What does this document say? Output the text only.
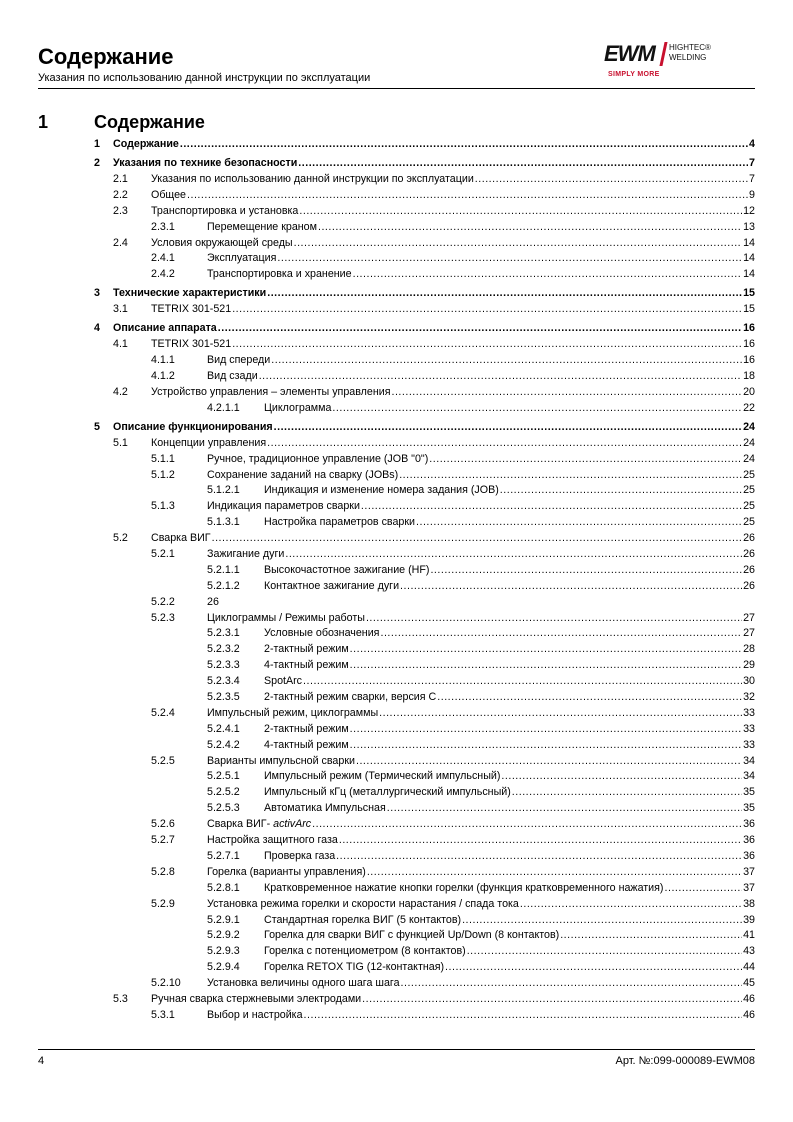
Содержание
Указания по использованию данной инструкции по эксплуатации
EWM HIGHTEC®
WELDING
SIMPLY MORE
1	Содержание
1 Содержание .....	4
2 Указания по технике безопасности .....	7
2.1 Указания по использованию данной инструкции по эксплуатации .....	7
2.2 Общее .....	9
2.3 Транспортировка и установка .....	12
2.3.1	Перемещение краном .....	13
2.4 Условия окружающей среды .....	14
2.4.1	Эксплуатация .....	14
2.4.2	Транспортировка и хранение .....	14
3 Технические характеристики .....	15
3.1 TETRIX 301-521 .....	15
4 Описание аппарата .....	16
4.1 TETRIX 301-521 .....	16
4.1.1	Вид спереди .....	16
4.1.2	Вид сзади .....	18
4.2 Устройство управления – элементы управления .....	20
4.2.1.1 Циклограмма .....	22
5 Описание функционирования .....	24
5.1 Концепции управления .....	24
5.1.1	Ручное, традиционное управление (JOB "0") .....	24
5.1.2	Сохранение заданий на сварку (JOBs) .....	25
5.1.2.1 Индикация и изменение номера задания (JOB) .....	25
5.1.3	Индикация параметров сварки .....	25
5.1.3.1 Настройка параметров сварки .....	25
5.2 Сварка ВИГ .....	26
5.2.1	Зажигание дуги .....	26
5.2.1.1 Высокочастотное зажигание (HF) .....	26
5.2.1.2 Контактное зажигание дуги .....	26
5.2.2	26
5.2.3	Циклограммы / Режимы работы .....	27
5.2.3.1 Условные обозначения .....	27
5.2.3.2 2-тактный режим .....	28
5.2.3.3 4-тактный режим .....	29
5.2.3.4 SpotArc .....	30
5.2.3.5 2-тактный режим сварки, версия C .....	32
5.2.4	Импульсный режим, циклограммы .....	33
5.2.4.1 2-тактный режим .....	33
5.2.4.2 4-тактный режим .....	33
5.2.5	Варианты импульсной сварки .....	34
5.2.5.1 Импульсный режим (Термический импульсный) .....	34
5.2.5.2 Импульсный кГц (металлургический импульсный) .....	35
5.2.5.3 Автоматика Импульсная .....	35
5.2.6	Сварка ВИГ- activArc .....	36
5.2.7	Настройка защитного газа .....	36
5.2.7.1 Проверка газа .....	36
5.2.8	Горелка (варианты управления) .....	37
5.2.8.1 Кратковременное нажатие кнопки горелки (функция кратковременного нажатия) .....	37
5.2.9	Установка режима горелки и скорости нарастания / спада тока .....	38
5.2.9.1 Стандартная горелка ВИГ (5 контактов) .....	39
5.2.9.2 Горелка для сварки ВИГ с функцией Up/Down (8 контактов) .....	41
5.2.9.3 Горелка с потенциометром (8 контактов) .....	43
5.2.9.4 Горелка RETOX TIG (12-контактная) .....	44
5.2.10 Установка величины одного шага шага .....	45
5.3 Ручная сварка стержневыми электродами .....	46
5.3.1	Выбор и настройка .....	46
4	Арт. №:099-000089-EWM08
